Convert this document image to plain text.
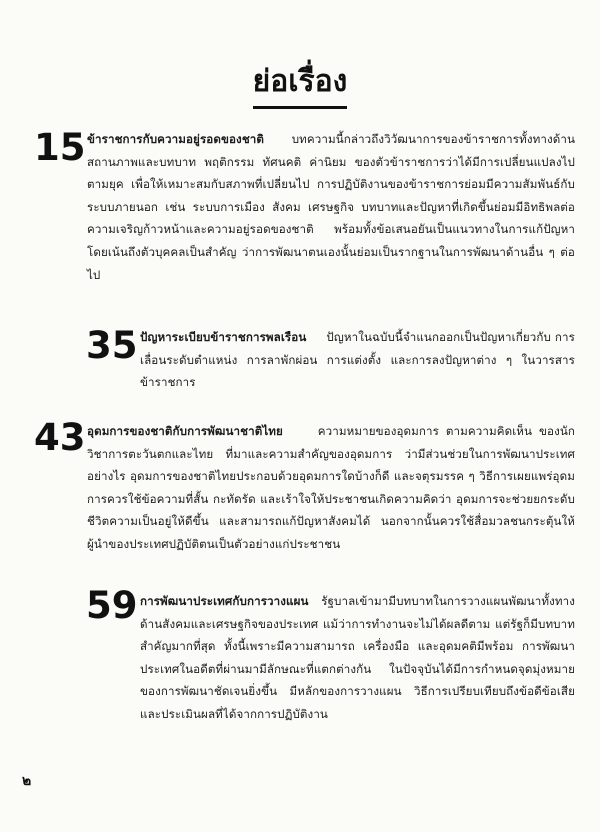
ย่อเรื่อง
15 ข้าราชการกับความอยู่รอดของชาติ บทความนี้กล่าวถึงวิวัฒนาการของข้าราชการทั้งทางด้านสถานภาพและบทบาท พฤติกรรม ทัศนคติ ค่านิยม ของตัวข้าราชการว่าได้มีการเปลี่ยนแปลงไปตามยุค เพื่อให้เหมาะสมกับสภาพที่เปลี่ยนไป การปฏิบัติงานของข้าราชการย่อมมีความสัมพันธ์กับระบบภายนอก เช่น ระบบการเมือง สังคม เศรษฐกิจ บทบาทและปัญหาที่เกิดขึ้นย่อมมีอิทธิพลต่อความเจริญก้าวหน้าและความอยู่รอดของชาติ พร้อมทั้งข้อเสนอยันเป็นแนวทางในการแก้ปัญหา โดยเน้นถึงตัวบุคคลเป็นสำคัญ ว่าการพัฒนาตนเองนั้นย่อมเป็นรากฐานในการพัฒนาด้านอื่น ๆ ต่อไป
35 ปัญหาระเบียบข้าราชการพลเรือน ปัญหาในฉบับนี้จำแนกออกเป็นปัญหาเกี่ยวกับ การเลื่อนระดับตำแหน่ง การลาพักผ่อน การแต่งตั้ง และการลงปัญหาต่าง ๆ ในวารสารข้าราชการ
43 อุดมการของชาติกับการพัฒนาชาติไทย	ความหมายของอุดมการ ตามความคิดเห็น ของนักวิชาการตะวันตกและไทย ที่มาและความสำคัญของอุดมการ ว่ามีส่วนช่วยในการพัฒนาประเทศ อย่างไร อุดมการของชาติไทยประกอบด้วยอุดมการใดบ้างก็ดี และจตุรมรรค ๆ วิธีการเผยแพร่อุดมการควรใช้ข้อความที่สั้น กะทัดรัด และเร้าใจให้ประชาชนเกิดความคิดว่า อุดมการจะช่วยยกระดับชีวิตความเป็นอยู่ให้ดีขึ้น และสามารถแก้ปัญหาสังคมได้ นอกจากนั้นควรใช้สื่อมวลชนกระตุ้นให้ผู้นำของประเทศปฏิบัติตนเป็นตัวอย่างแก่ประชาชน
59 การพัฒนาประเทศกับการวางแผน รัฐบาลเข้ามามีบทบาทในการวางแผนพัฒนาทั้งทางด้านสังคมและเศรษฐกิจของประเทศ แม้ว่าการทำงานจะไม่ได้ผลดีตาม แต่รัฐก็มีบทบาทสำคัญมากที่สุด ทั้งนี้เพราะมีความสามารถ เครื่องมือ และอุดมคติมีพร้อม การพัฒนาประเทศในอดีตที่ผ่านมามีลักษณะที่แตกต่างกัน ในปัจจุบันได้มีการกำหนดจุดมุ่งหมายของการพัฒนาชัดเจนยิ่งขึ้น มีหลักของการวางแผน วิธีการเปรียบเทียบถึงข้อดีข้อเสียและประเมินผลที่ได้จากการปฏิบัติงาน
๒
